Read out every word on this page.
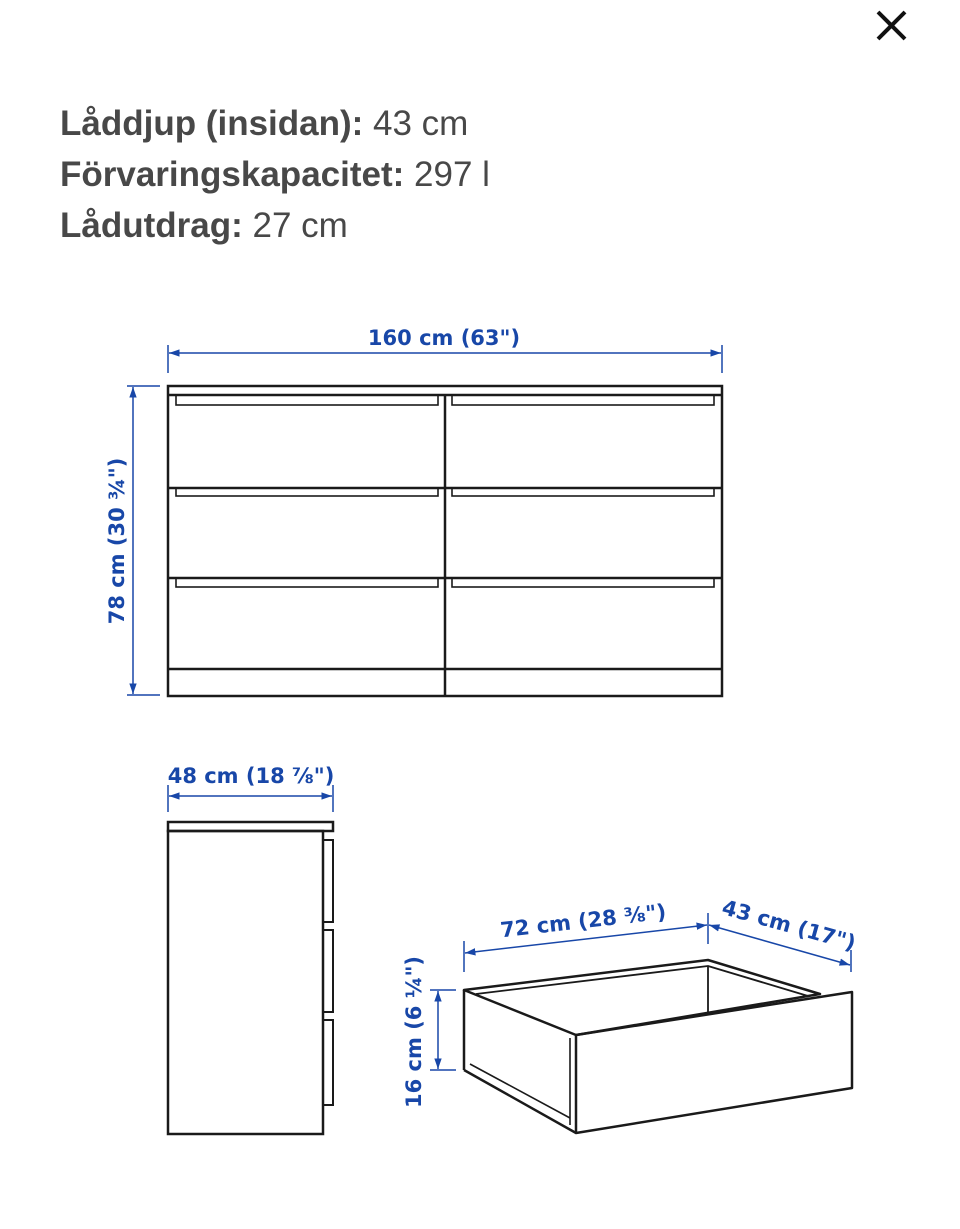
Låddjup (insidan): 43 cm
Förvaringskapacitet: 297 l
Lådutdrag: 27 cm
160 cm (63")
78 cm (30 ¾")
48 cm (18 ⅞")
72 cm (28 ⅜") 43 cm (17")
16 cm (6 ¼")
